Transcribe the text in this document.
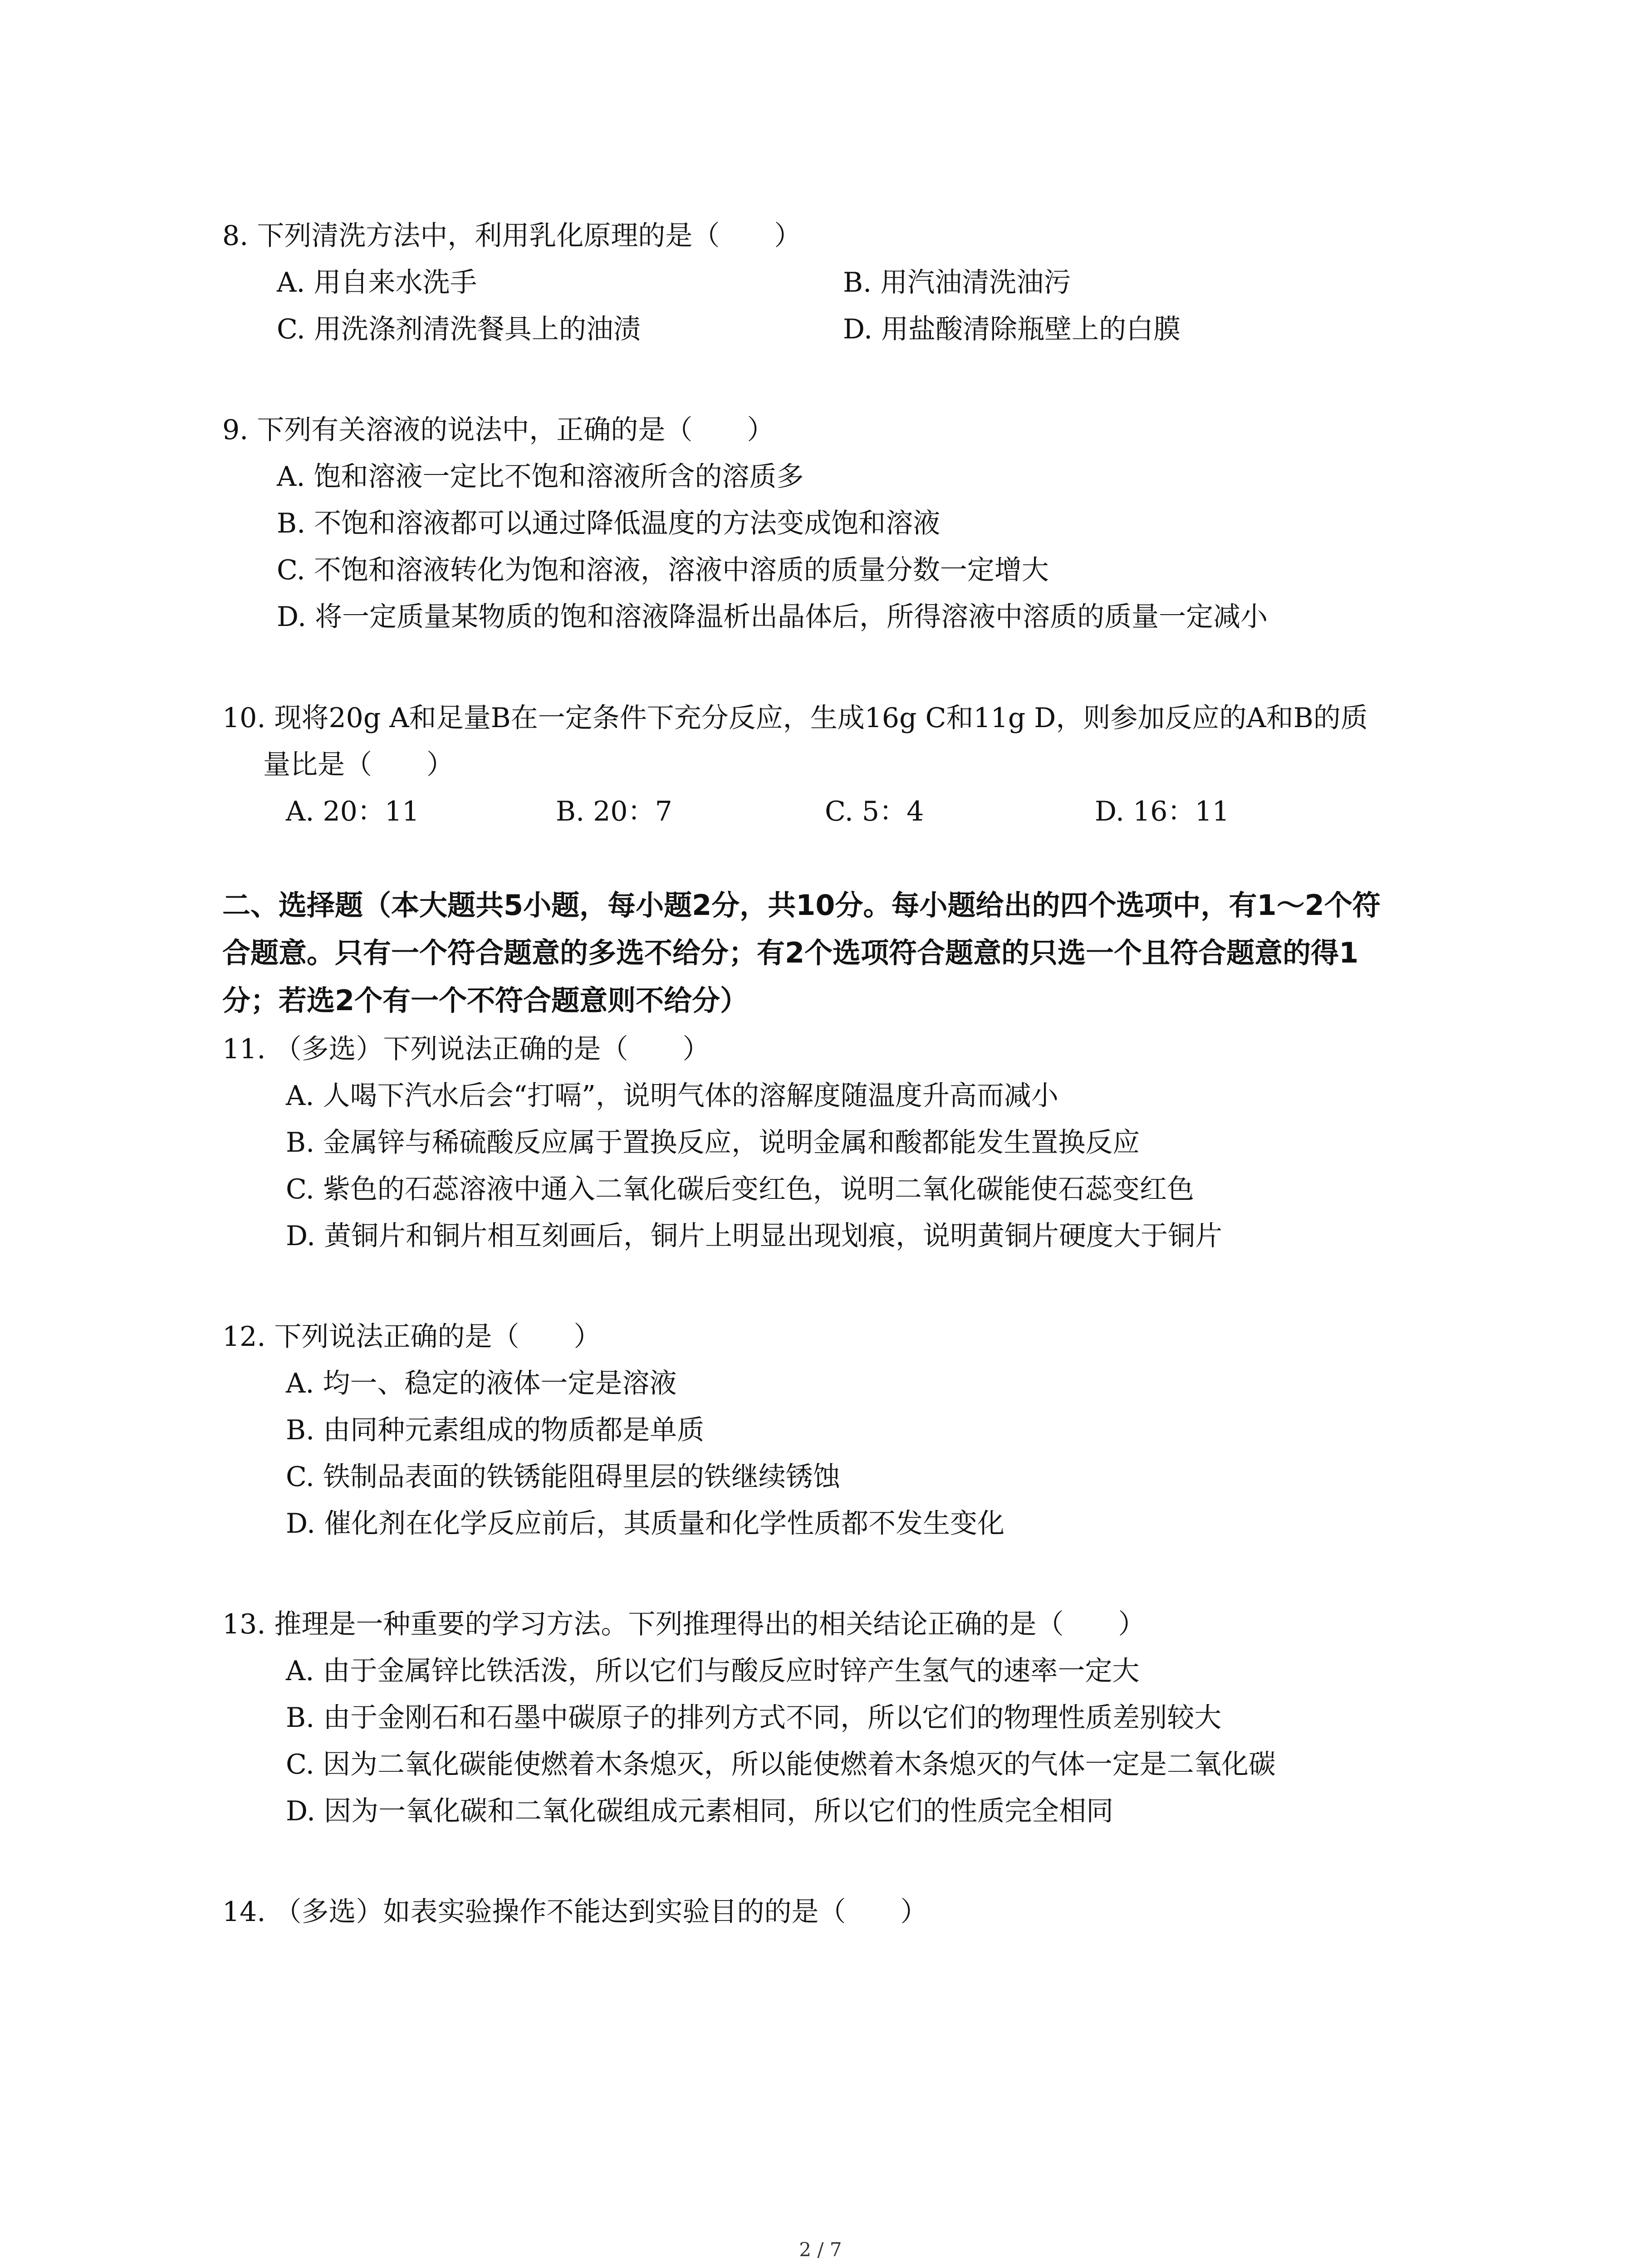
8. 下列清洗方法中，利用乳化原理的是（　　）
A. 用自来水洗手	B. 用汽油清洗油污
C. 用洗涤剂清洗餐具上的油渍	D. 用盐酸清除瓶壁上的白膜
9. 下列有关溶液的说法中，正确的是（　　）
A. 饱和溶液一定比不饱和溶液所含的溶质多
B. 不饱和溶液都可以通过降低温度的方法变成饱和溶液
C. 不饱和溶液转化为饱和溶液，溶液中溶质的质量分数一定增大
D. 将一定质量某物质的饱和溶液降温析出晶体后，所得溶液中溶质的质量一定减小
10. 现将20g A和足量B在一定条件下充分反应，生成16g C和11g D，则参加反应的A和B的质
量比是（　　）
A. 20：11	B. 20：7	C. 5：4	D. 16：11
二、选择题（本大题共5小题，每小题2分，共10分。每小题给出的四个选项中，有1～2个符
合题意。只有一个符合题意的多选不给分；有2个选项符合题意的只选一个且符合题意的得1
分；若选2个有一个不符合题意则不给分）
11. （多选）下列说法正确的是（　　）
A. 人喝下汽水后会“打嗝”，说明气体的溶解度随温度升高而减小
B. 金属锌与稀硫酸反应属于置换反应，说明金属和酸都能发生置换反应
C. 紫色的石蕊溶液中通入二氧化碳后变红色，说明二氧化碳能使石蕊变红色
D. 黄铜片和铜片相互刻画后，铜片上明显出现划痕，说明黄铜片硬度大于铜片
12. 下列说法正确的是（　　）
A. 均一、稳定的液体一定是溶液
B. 由同种元素组成的物质都是单质
C. 铁制品表面的铁锈能阻碍里层的铁继续锈蚀
D. 催化剂在化学反应前后，其质量和化学性质都不发生变化
13. 推理是一种重要的学习方法。下列推理得出的相关结论正确的是（　　）
A. 由于金属锌比铁活泼，所以它们与酸反应时锌产生氢气的速率一定大
B. 由于金刚石和石墨中碳原子的排列方式不同，所以它们的物理性质差别较大
C. 因为二氧化碳能使燃着木条熄灭，所以能使燃着木条熄灭的气体一定是二氧化碳
D. 因为一氧化碳和二氧化碳组成元素相同，所以它们的性质完全相同
14. （多选）如表实验操作不能达到实验目的的是（　　）
2 / 7
